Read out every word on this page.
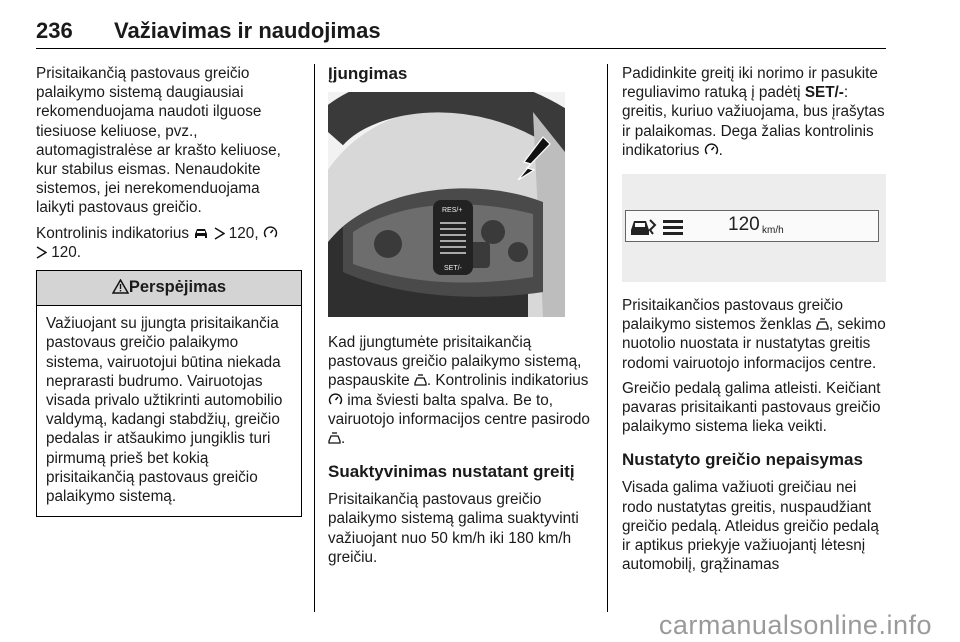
236 Važiavimas ir naudojimas

Prisitaikančią pastovaus greičio palaikymo sistemą daugiausiai rekomenduojama naudoti ilguose tiesiuose keliuose, pvz., automagistralėse ar krašto keliuose, kur stabilus eismas. Nenaudokite sistemos, jei nerekomenduojama laikyti pastovaus greičio.

Kontrolinis indikatorius	120,
120.

Perspėjimas

Važiuojant su įjungta prisitaikančia pastovaus greičio palaikymo sistema, vairuotojui būtina niekada neprarasti budrumo. Vairuotojas visada privalo užtikrinti automobilio valdymą, kadangi stabdžių, greičio pedalas ir atšaukimo jungiklis turi pirmumą prieš bet kokią prisitaikančią pastovaus greičio palaikymo sistemą.

Įjungimas
RES/+
SET/-

Kad įjungtumėte prisitaikančią pastovaus greičio palaikymo sistemą, paspauskite . Kontrolinis indikatorius  ima šviesti balta spalva. Be to, vairuotojo informacijos centre pasirodo .

Suaktyvinimas nustatant greitį

Prisitaikančią pastovaus greičio palaikymo sistemą galima suaktyvinti važiuojant nuo 50 km/h iki 180 km/h greičiu.

Padidinkite greitį iki norimo ir pasukite reguliavimo ratuką į padėtį SET/-: greitis, kuriuo važiuojama, bus įrašytas ir palaikomas. Dega žalias kontrolinis indikatorius .

120 km/h

Prisitaikančios pastovaus greičio palaikymo sistemos ženklas , sekimo nuotolio nuostata ir nustatytas greitis rodomi vairuotojo informacijos centre.

Greičio pedalą galima atleisti. Keičiant pavaras prisitaikanti pastovaus greičio palaikymo sistema lieka veikti.

Nustatyto greičio nepaisymas

Visada galima važiuoti greičiau nei rodo nustatytas greitis, nuspaudžiant greičio pedalą. Atleidus greičio pedalą ir aptikus priekyje važiuojantį lėtesnį automobilį, grąžinamas

carmanualsonline.info
